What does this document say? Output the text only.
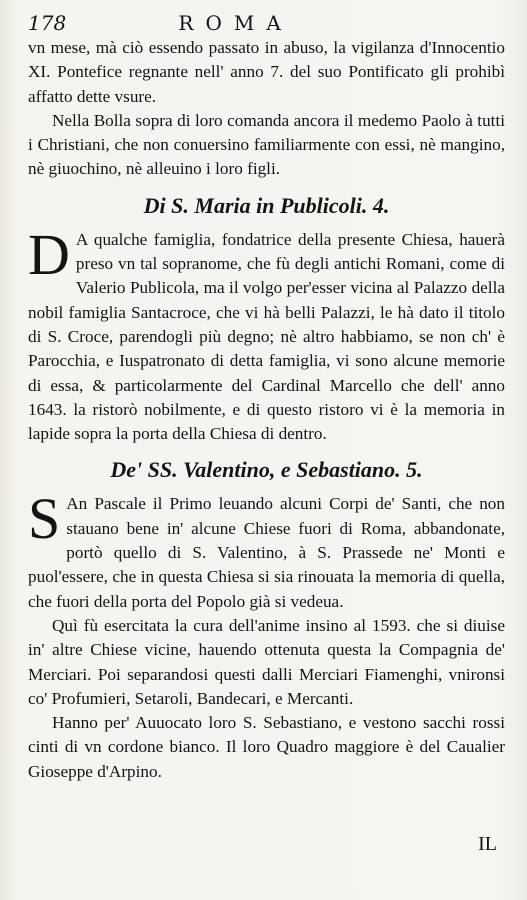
178	ROMA

vn mese, mà ciò essendo passato in abuso, la vigilanza d'Innocentio XI. Pontefice regnante nell' anno 7. del suo Pontificato gli prohibì affatto dette vsure.

Nella Bolla sopra di loro comanda ancora il medemo Paolo à tutti i Christiani, che non conuersino familiarmente con essi, nè mangino, nè giuochino, nè alleuino i loro figli.

Di S. Maria in Publicoli. 4.

D A qualche famiglia, fondatrice della presente Chiesa, hauerà preso vn tal sopranome, che fù degli antichi Romani, come di Valerio Publicola, ma il volgo per'esser vicina al Palazzo della nobil famiglia Santacroce, che vi hà belli Palazzi, le hà dato il titolo di S. Croce, parendogli più degno; nè altro habbiamo, se non ch' è Parocchia, e Iuspatronato di detta famiglia, vi sono alcune memorie di essa, & particolarmente del Cardinal Marcello che dell' anno 1643. la ristorò nobilmente, e di questo ristoro vi è la memoria in lapide sopra la porta della Chiesa di dentro.

De' SS. Valentino, e Sebastiano. 5.

S An Pascale il Primo leuando alcuni Corpi de' Santi, che non stauano bene in' alcune Chiese fuori di Roma, abbandonate, portò quello di S. Valentino, à S. Prassede ne' Monti e puol'essere, che in questa Chiesa si sia rinouata la memoria di quella, che fuori della porta del Popolo già si vedeua.

Quì fù esercitata la cura dell'anime insino al 1593. che si diuise in' altre Chiese vicine, hauendo ottenuta questa la Compagnia de' Merciari. Poi separandosi questi dalli Merciari Fiamenghi, vnironsi co' Profumieri, Setaroli, Bandecari, e Mercanti.

Hanno per' Auuocato loro S. Sebastiano, e vestono sacchi rossi cinti di vn cordone bianco. Il loro Quadro maggiore è del Caualier Gioseppe d'Arpino.

IL
